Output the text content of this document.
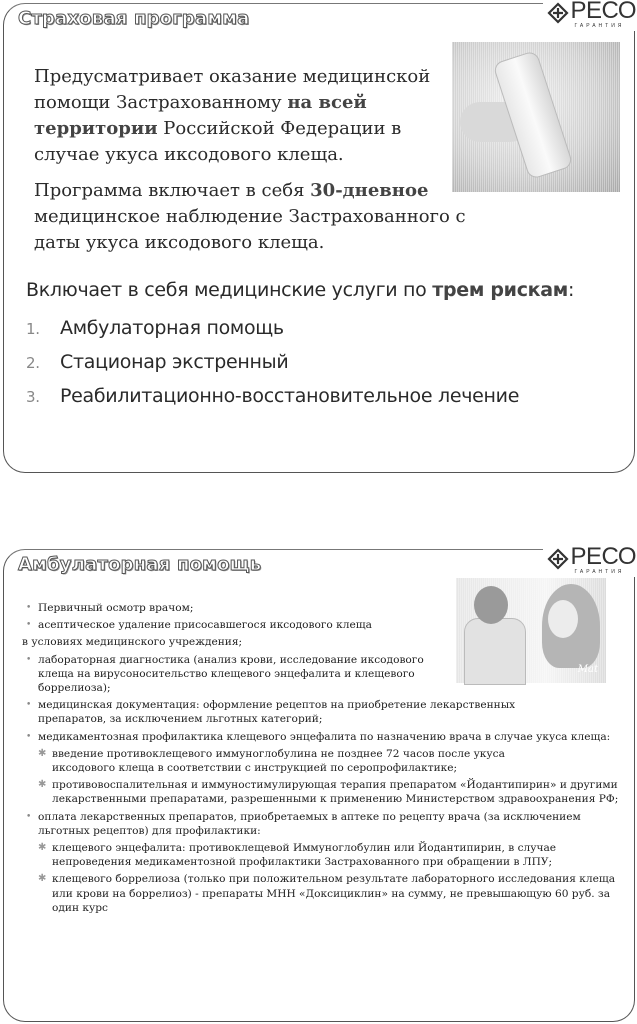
Страховая программа	РЕСО
ГАРАНТИЯ
Предусматривает оказание медицинской помощи Застрахованному на всей территории Российской Федерации в случае укуса иксодового клеща.
Программа включает в себя 30-дневное медицинское наблюдение Застрахованного с даты укуса иксодового клеща.
Включает в себя медицинские услуги по трем рискам:
1. Амбулаторная помощь
2. Стационар экстренный
3. Реабилитационно-восстановительное лечение
Амбулаторная помощь	РЕСО
ГАРАНТИЯ
Mat
• Первичный осмотр врачом;
• асептическое удаление присосавшегося иксодового клеща
в условиях медицинского учреждения;
• лабораторная диагностика (анализ крови, исследование иксодового клеща на вирусоносительство клещевого энцефалита и клещевого боррелиоза);
• медицинская документация: оформление рецептов на приобретение лекарственных препаратов, за исключением льготных категорий;
• медикаментозная профилактика клещевого энцефалита по назначению врача в случае укуса клеща:
✱ введение противоклещевого иммуноглобулина не позднее 72 часов после укуса иксодового клеща в соответствии с инструкцией по серопрофилактике;
✱ противовоспалительная и иммуностимулирующая терапия препаратом «Йодантипирин» и другими лекарственными препаратами, разрешенными к применению Министерством здравоохранения РФ;
• оплата лекарственных препаратов, приобретаемых в аптеке по рецепту врача (за исключением льготных рецептов) для профилактики:
✱ клещевого энцефалита: противоклещевой Иммуноглобулин или Йодантипирин, в случае непроведения медикаментозной профилактики Застрахованного при обращении в ЛПУ;
✱ клещевого боррелиоза (только при положительном результате лабораторного исследования клеща или крови на боррелиоз) - препараты МНН «Доксициклин» на сумму, не превышающую 60 руб. за один курс
